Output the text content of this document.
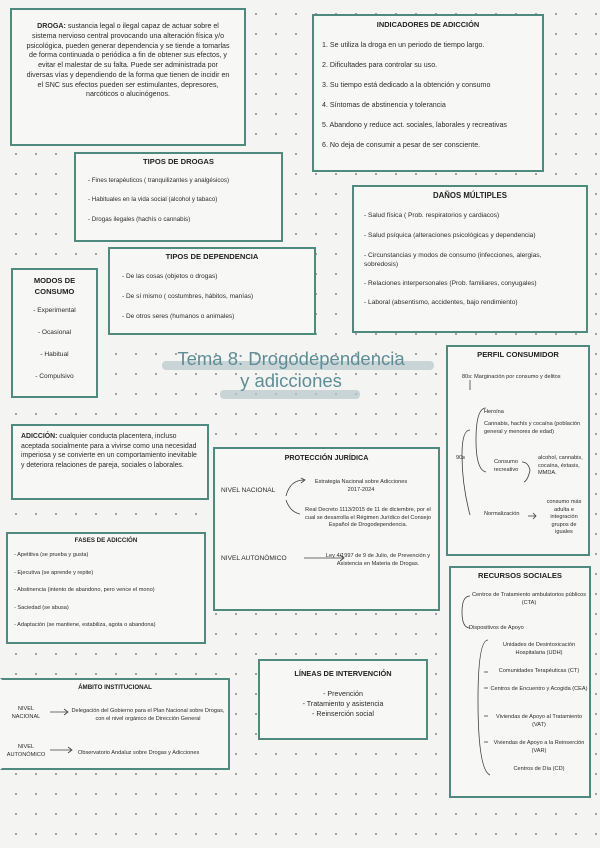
DROGA: sustancia legal o ilegal capaz de actuar sobre el sistema nervioso central provocando una alteración física y/o psicológica, pueden generar dependencia y se tiende a tomarlas de forma continuada o periódica a fin de obtener sus efectos, y evitar el malestar de su falta. Puede ser administrada por diversas vías y dependiendo de la forma que tienen de incidir en el SNC sus efectos pueden ser estimulantes, depresores, narcóticos o alucinógenos.
INDICADORES DE ADICCIÓN
1. Se utiliza la droga en un periodo de tiempo largo.
2. Dificultades para controlar su uso.
3. Su tiempo está dedicado a la obtención y consumo
4. Síntomas de abstinencia y tolerancia
5. Abandono y reduce act. sociales, laborales y recreativas
6. No deja de consumir a pesar de ser consciente.
TIPOS DE DROGAS
- Fines terapéuticos ( tranquilizantes y analgésicos)
- Habituales en la vida social (alcohol y tabaco)
- Drogas ilegales (hachís o cannabis)
DAÑOS MÚLTIPLES
- Salud física ( Prob. respiratorios y cardiacos)
- Salud psíquica (alteraciones psicológicas y dependencia)
- Circunstancias y modos de consumo (infecciones, alergias, sobredosis)
- Relaciones interpersonales (Prob. familiares, conyugales)
- Laboral (absentismo, accidentes, bajo rendimiento)
MODOS DE CONSUMO
- Experimental
- Ocasional
- Habitual
- Compulsivo
TIPOS DE DEPENDENCIA
- De las cosas (objetos o drogas)
- De sí mismo ( costumbres, hábitos, manías)
- De otros seres (humanos o animales)
Tema 8: Drogodependencia
y adicciones
PERFIL CONSUMIDOR
80s: Marginación por consumo y delitos
90s
Heroína
Cannabis, hachís y cocaína (población general y menores de edad)
Consumo recreativo
alcohol, cannabis, cocaína, éxtasis, MMDA.
Normalización
consumo más adulta e integración grupos de iguales
ADICCIÓN: cualquier conducta placentera, incluso aceptada socialmente para a vivirse como una necesidad imperiosa y se convierte en un comportamiento inevitable y deteriora relaciones de pareja, sociales o laborales.
PROTECCIÓN JURÍDICA
NIVEL NACIONAL
Estrategia Nacional sobre Adicciones 2017-2024
Real Decreto 1113/2015 de 11 de diciembre, por el cual se desarrolla el Régimen Jurídico del Consejo Español de Drogodependencia.
NIVEL AUTONÓMICO	Ley 4/1997 de 9 de Julio, de Prevención y Asistencia en Materia de Drogas.
FASES DE ADICCIÓN
- Apetitiva (se prueba y gusta)
- Ejecutiva (se aprende y repite)
- Abstinencia (intento de abandono, pero vence el mono)
- Saciedad (se abusa)
- Adaptación (se mantiene, estabiliza, agota o abandona)
RECURSOS SOCIALES
Centros de Tratamiento ambulatorios públicos (CTA)
Dispositivos de Apoyo
Unidades de Desintoxicación Hospitalaria (UDH)
Comunidades Terapéuticas (CT)
Centros de Encuentro y Acogida (CEA)
Viviendas de Apoyo al Tratamiento (VAT)
Viviendas de Apoyo a la Reinserción (VAR)
Centros de Día (CD)
LÍNEAS DE INTERVENCIÓN
- Prevención
- Tratamiento y asistencia
- Reinserción social
ÁMBITO INSTITUCIONAL
NIVEL NACIONAL
Delegación del Gobierno para el Plan Nacional sobre Drogas, con el nivel orgánico de Dirección General
NIVEL AUTONÓMICO	Observatorio Andaluz sobre Drogas y Adicciones
